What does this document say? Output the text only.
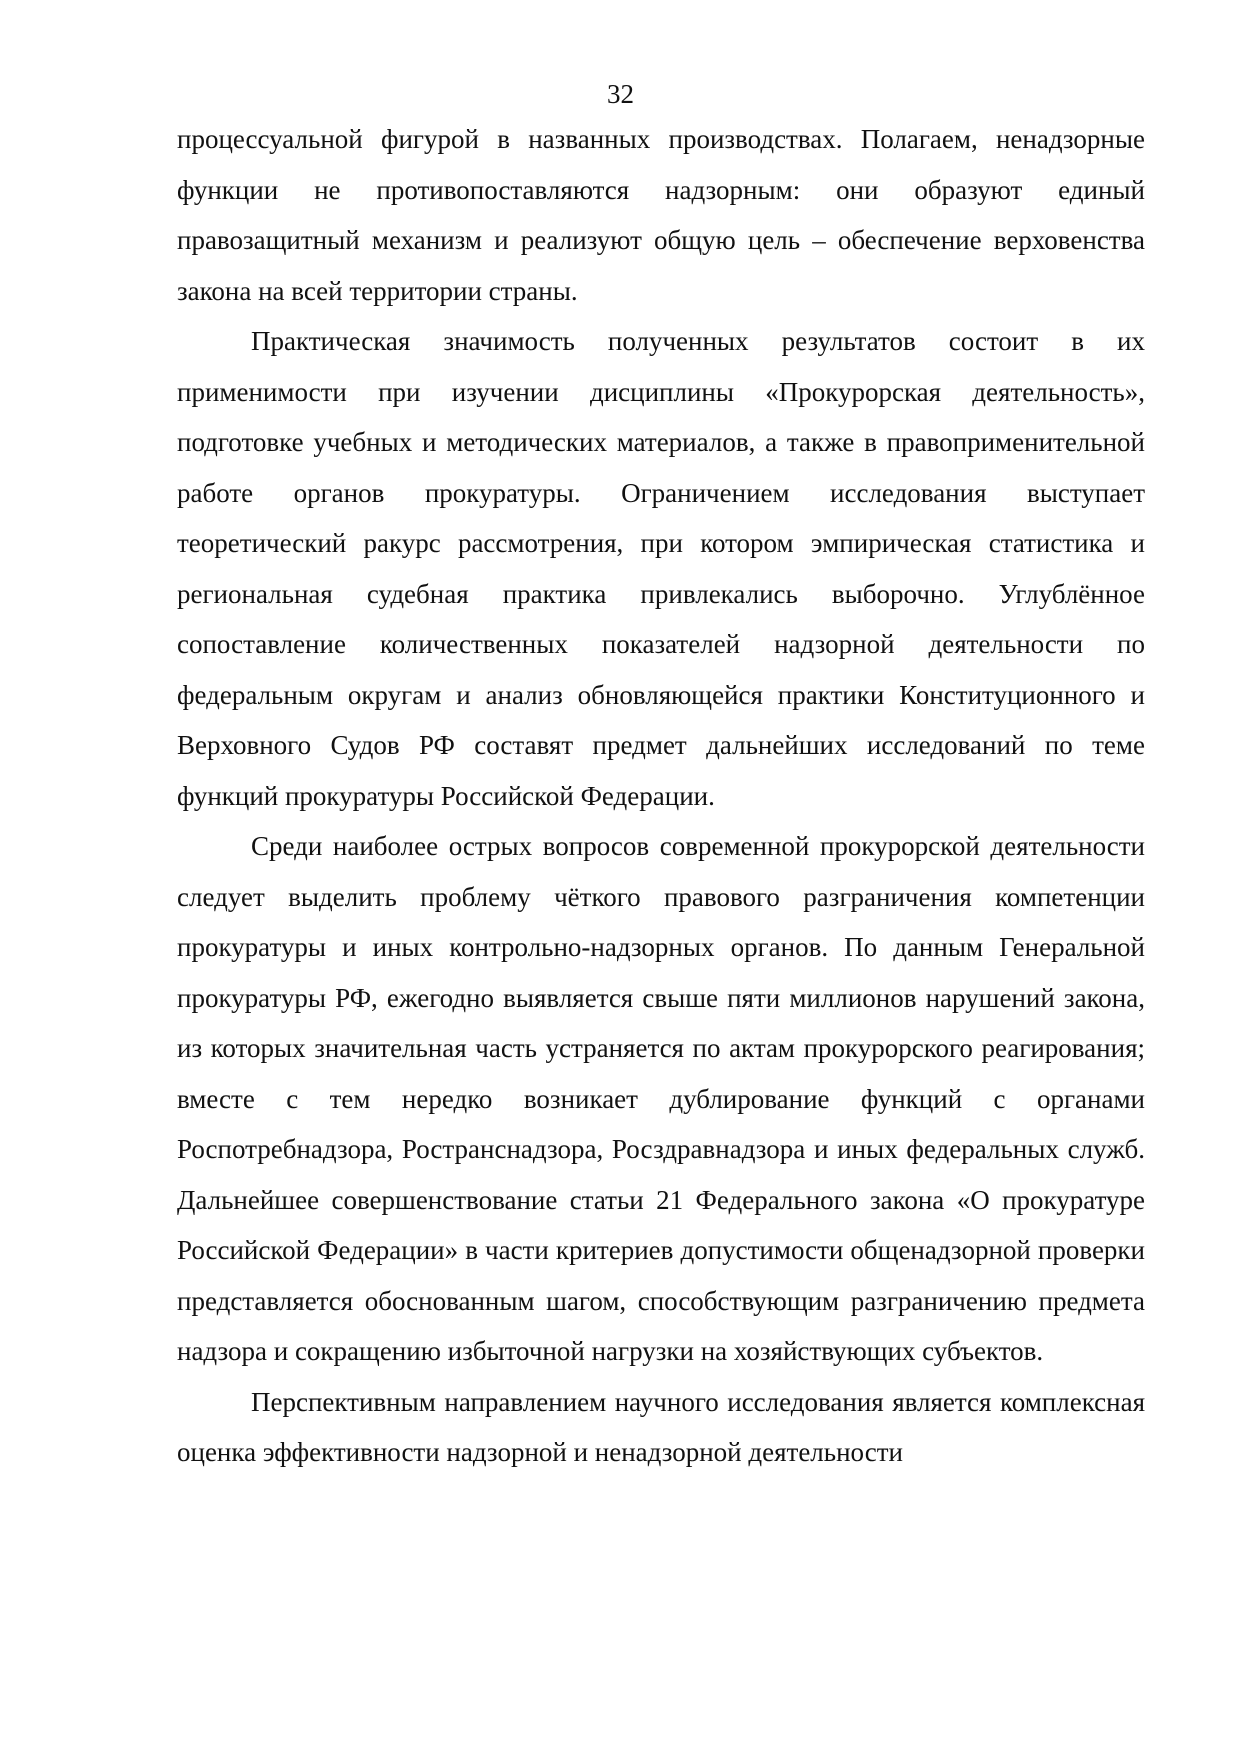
32

процессуальной фигурой в названных производствах. Полагаем, ненадзорные функции не противопоставляются надзорным: они образуют единый правозащитный механизм и реализуют общую цель – обеспечение верховенства закона на всей территории страны.

Практическая значимость полученных результатов состоит в их применимости при изучении дисциплины «Прокурорская деятельность», подготовке учебных и методических материалов, а также в правоприменительной работе органов прокуратуры. Ограничением исследования выступает теоретический ракурс рассмотрения, при котором эмпирическая статистика и региональная судебная практика привлекались выборочно. Углублённое сопоставление количественных показателей надзорной деятельности по федеральным округам и анализ обновляющейся практики Конституционного и Верховного Судов РФ составят предмет дальнейших исследований по теме функций прокуратуры Российской Федерации.

Среди наиболее острых вопросов современной прокурорской деятельности следует выделить проблему чёткого правового разграничения компетенции прокуратуры и иных контрольно-надзорных органов. По данным Генеральной прокуратуры РФ, ежегодно выявляется свыше пяти миллионов нарушений закона, из которых значительная часть устраняется по актам прокурорского реагирования; вместе с тем нередко возникает дублирование функций с органами Роспотребнадзора, Ространснадзора, Росздравнадзора и иных федеральных служб. Дальнейшее совершенствование статьи 21 Федерального закона «О прокуратуре Российской Федерации» в части критериев допустимости общенадзорной проверки представляется обоснованным шагом, способствующим разграничению предмета надзора и сокращению избыточной нагрузки на хозяйствующих субъектов.

Перспективным направлением научного исследования является комплексная оценка эффективности надзорной и ненадзорной деятельности
